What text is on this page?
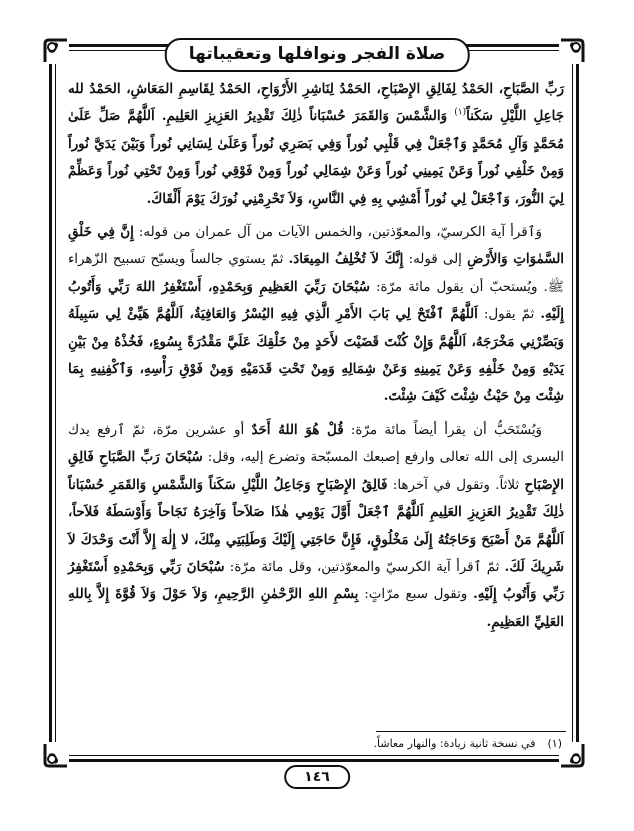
صلاة الفجر ونوافلها وتعقيباتها

رَبِّ الصَّبَاحِ، الحَمْدُ لِفَالِقِ الإِصْبَاحِ، الحَمْدُ لِنَاشِرِ الأَرْوَاحِ، الحَمْدُ لِقَاسِمِ المَعَاشِ، الحَمْدُ لله جَاعِلِ اللَّيْلِ سَكَناً$^{(١)}$ وَالشَّمْسَ وَالقَمَرَ حُسْبَاناً ذٰلِكَ تَقْدِيرُ العَزِيزِ العَلِيمِ. اَللَّهُمَّ صَلِّ عَلَىٰ مُحَمَّدٍ وَآلِ مُحَمَّدٍ وَٱجْعَلْ فِي قَلْبِي نُوراً وَفِي بَصَرِي نُوراً وَعَلَىٰ لِسَانِي نُوراً وَبَيْنَ يَدَيَّ نُوراً وَمِنْ خَلْفِي نُوراً وَعَنْ يَمِينِي نُوراً وَعَنْ شِمَالِي نُوراً وَمِنْ فَوْقِي نُوراً وَمِنْ تَحْتِي نُوراً وَعَظِّمْ لِيَ النُّورَ، وَٱجْعَلْ لِي نُوراً أَمْشِي بِهِ فِي النَّاسِ، وَلاَ تَحْرِمْنِي نُورَكَ يَوْمَ أَلْقَاكَ.

وَٱقرأ آية الكرسيّ، والمعوّذتين، والخمس الآيات من آل عمران من قوله: إِنَّ فِي خَلْقِ السَّمٰوَاتِ وَالأَرْضِ إلى قوله: إِنَّكَ لاَ تُخْلِفُ المِيعَادَ. ثمّ يستوي جالساً ويسبّح تسبيح الزّهراء ﷺ. ويُستحبّ أن يقول مائة مرّة: سُبْحَانَ رَبِّيَ العَظِيمِ وَبِحَمْدِهِ، أَسْتَغْفِرُ اللهَ رَبِّي وَأَتُوبُ إِلَيْهِ. ثمّ يقول: اَللَّهُمَّ ٱفْتَحْ لِي بَابَ الأَمْرِ الَّذِي فِيهِ اليُسْرُ وَالعَافِيَةُ، اَللَّهُمَّ هَيِّئْ لِي سَبِيلَهُ وَبَصِّرْنِي مَخْرَجَهُ، اَللَّهُمَّ وَإِنْ كُنْتَ قَضَيْتَ لأَحَدٍ مِنْ خَلْقِكَ عَلَيَّ مَقْدُرَةً بِسُوءٍ، فَخُذْهُ مِنْ بَيْنِ يَدَيْهِ وَمِنْ خَلْفِهِ وَعَنْ يَمِينِهِ وَعَنْ شِمَالِهِ وَمِنْ تَحْتِ قَدَمَيْهِ وَمِنْ فَوْقِ رَأْسِهِ، وَٱكْفِنِيهِ بِمَا شِئْتَ مِنْ حَيْثُ شِئْتَ كَيْفَ شِئْتَ.

وَيُسْتَحَبُّ أن يقرأ أيضاً مائة مرّة: قُلْ هُوَ اللهُ أَحَدٌ أو عشرين مرّة، ثمّ ٱرفع يدك اليسرى إلى الله تعالى وارفع إصبعك المسبّحة وتضرع إليه، وقل: سُبْحَانَ رَبِّ الصَّبَاحِ فَالِقِ الإِصْبَاحِ ثلاثاً. وتقول في آخرها: فَالِقُ الإِصْبَاحِ وَجَاعِلُ اللَّيْلِ سَكَناً وَالشَّمْسِ وَالقَمَرِ حُسْبَاناً ذٰلِكَ تَقْدِيرُ العَزِيزِ العَلِيمِ اَللَّهُمَّ ٱجْعَلْ أَوَّلَ يَوْمِي هٰذَا صَلاَحاً وَآخِرَهُ نَجَاحاً وَأَوْسَطَهُ فَلاَحاً، اَللَّهُمَّ مَنْ أَصْبَحَ وَحَاجَتُهُ إِلَىٰ مَخْلُوقٍ، فَإِنَّ حَاجَتِي إِلَيْكَ وَطَلِبَتِي مِنْكَ، لا إِلٰهَ إِلاَّ أَنْتَ وَحْدَكَ لاَ شَرِيكَ لَكَ. ثمّ ٱقرأ آية الكرسيّ والمعوّذتين، وقل مائة مرّة: سُبْحَانَ رَبِّي وَبِحَمْدِهِ أَسْتَغْفِرُ رَبِّي وَأَتُوبُ إِلَيْهِ. وتقول سبع مرّاتٍ: بِسْمِ اللهِ الرَّحْمٰنِ الرَّحِيمِ، وَلاَ حَوْلَ وَلاَ قُوَّةَ إِلاَّ بِاللهِ العَلِيِّ العَظِيمِ.

(١)في نسخة ثانية زيادة: والنهار معاشاً.
١٤٦
